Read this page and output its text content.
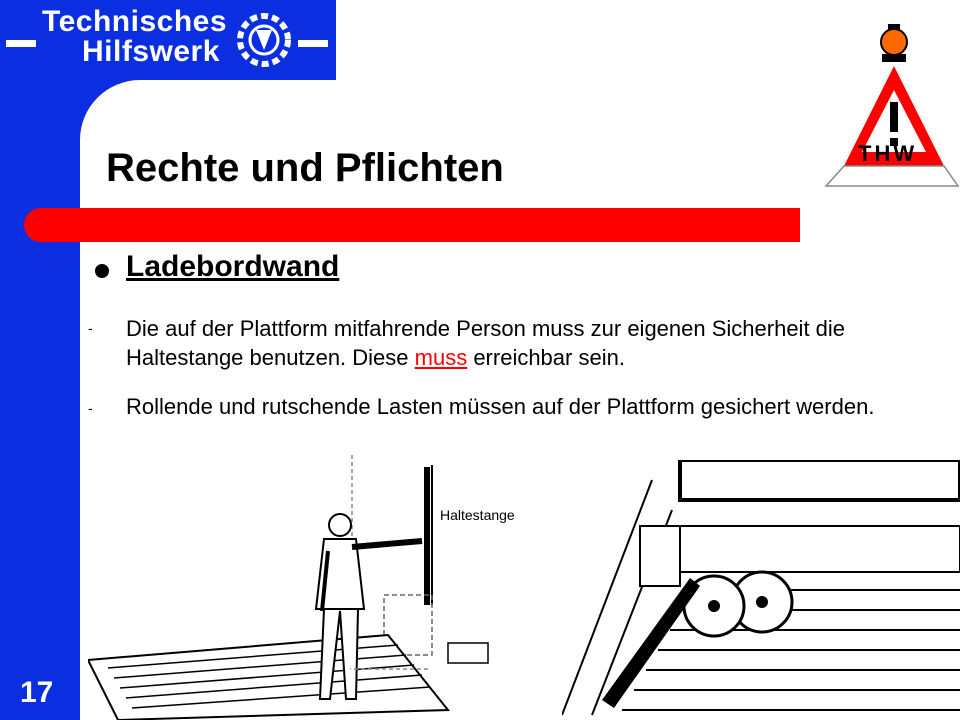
Technisches
Hilfswerk
THW
Rechte und Pflichten
Ladebordwand
- Die auf der Plattform mitfahrende Person muss zur eigenen Sicherheit die Haltestange benutzen. Diese muss erreichbar sein.
- Rollende und rutschende Lasten müssen auf der Plattform gesichert werden.
Haltestange
17
